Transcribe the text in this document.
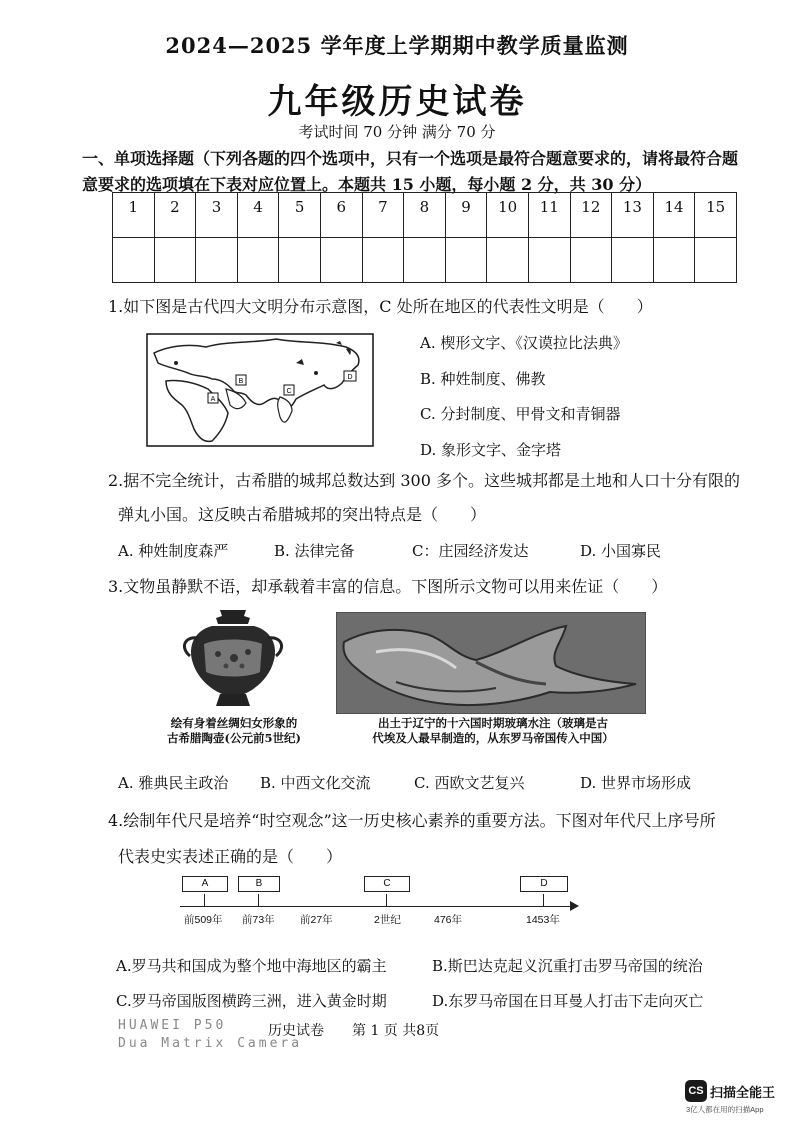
2024—2025 学年度上学期期中教学质量监测
九年级历史试卷
考试时间 70 分钟 满分 70 分
一、单项选择题（下列各题的四个选项中，只有一个选项是最符合题意要求的，请将最符合题意要求的选项填在下表对应位置上。本题共 15 小题，每小题 2 分，共 30 分）
1	2	3	4	5	6	7	8	9	10	11	12	13	14	15

1.如下图是古代四大文明分布示意图，C 处所在地区的代表性文明是（　　）
A
B
C
D
A. 楔形文字、《汉谟拉比法典》
B. 种姓制度、佛教
C. 分封制度、甲骨文和青铜器
D. 象形文字、金字塔
2.据不完全统计，古希腊的城邦总数达到 300 多个。这些城邦都是土地和人口十分有限的
弹丸小国。这反映古希腊城邦的突出特点是（　　）
A. 种姓制度森严	B. 法律完备	C：庄园经济发达	D. 小国寡民
3.文物虽静默不语，却承载着丰富的信息。下图所示文物可以用来佐证（　　）
绘有身着丝绸妇女形象的
古希腊陶壶(公元前5世纪)
出土于辽宁的十六国时期玻璃水注（玻璃是古
代埃及人最早制造的，从东罗马帝国传入中国）
A. 雅典民主政治 B. 中西文化交流	C. 西欧文艺复兴	D. 世界市场形成
4.绘制年代尺是培养“时空观念”这一历史核心素养的重要方法。下图对年代尺上序号所
代表史实表述正确的是（　　）
A	B	C	D
前509年 前73年 前27年	2世纪	476年	1453年
A.罗马共和国成为整个地中海地区的霸主	B.斯巴达克起义沉重打击罗马帝国的统治
C.罗马帝国版图横跨三洲，进入黄金时期	D.东罗马帝国在日耳曼人打击下走向灭亡
HUAWEI P50
Dua Matrix Camera
历史试卷　　第 1 页 共8页
CS 扫描全能王
3亿人都在用的扫描App
